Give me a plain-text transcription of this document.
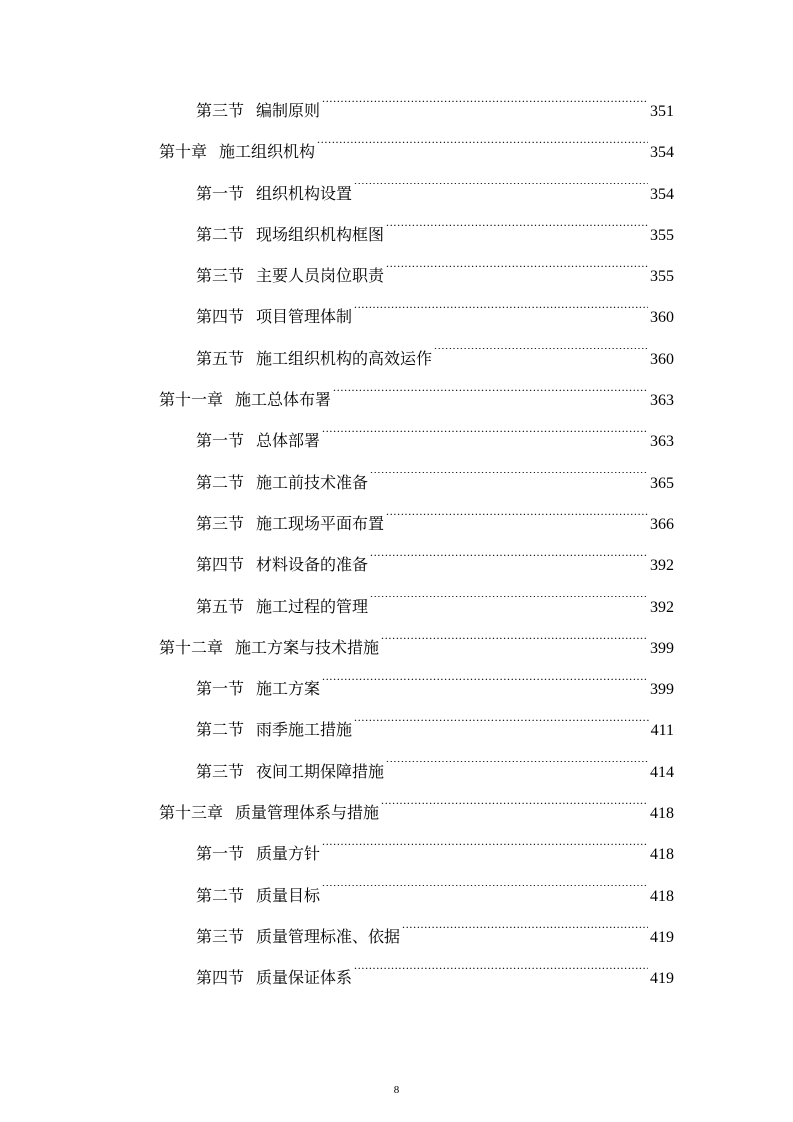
第三节 编制原则 . . .	351
第十章 施工组织机构 . . .	354
第一节 组织机构设置 . . .	354
第二节 现场组织机构框图 . . .	355
第三节 主要人员岗位职责 . . .	355
第四节 项目管理体制 . . .	360
第五节 施工组织机构的高效运作 . . .	360
第十一章 施工总体布署 . . .	363
第一节 总体部署 . . .	363
第二节 施工前技术准备 . . .	365
第三节 施工现场平面布置 . . .	366
第四节 材料设备的准备 . . .	392
第五节 施工过程的管理 . . .	392
第十二章 施工方案与技术措施 . . .	399
第一节 施工方案 . . .	399
第二节 雨季施工措施 . . .	411
第三节 夜间工期保障措施 . . .	414
第十三章 质量管理体系与措施 . . .	418
第一节 质量方针 . . .	418
第二节 质量目标 . . .	418
第三节 质量管理标准、依据 . . .	419
第四节 质量保证体系 . . .	419
8
